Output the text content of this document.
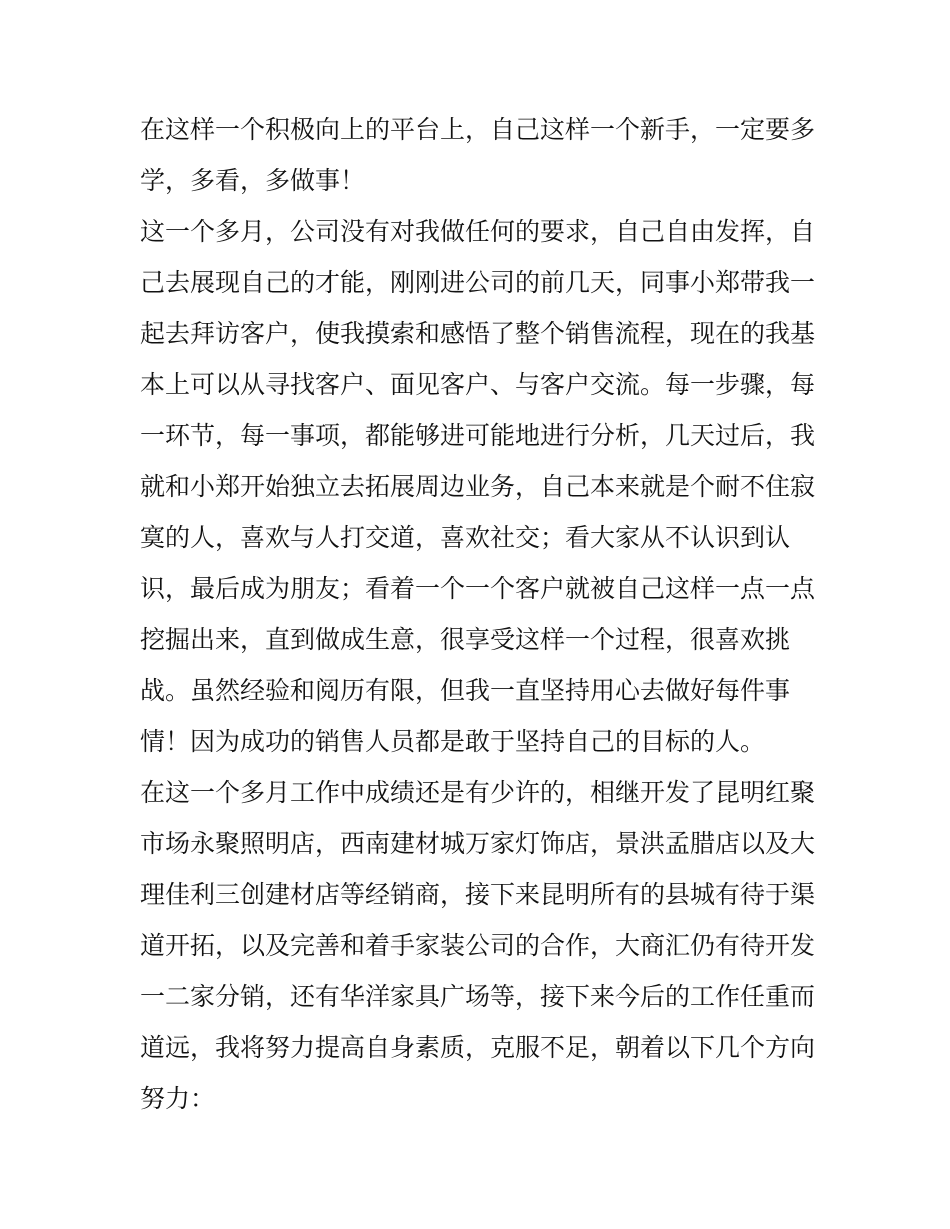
在这样一个积极向上的平台上，自己这样一个新手，一定要多
学，多看，多做事！
这一个多月，公司没有对我做任何的要求，自己自由发挥，自
己去展现自己的才能，刚刚进公司的前几天，同事小郑带我一
起去拜访客户，使我摸索和感悟了整个销售流程，现在的我基
本上可以从寻找客户、面见客户、与客户交流。每一步骤，每
一环节，每一事项，都能够进可能地进行分析，几天过后，我
就和小郑开始独立去拓展周边业务，自己本来就是个耐不住寂
寞的人，喜欢与人打交道，喜欢社交；看大家从不认识到认
识，最后成为朋友；看着一个一个客户就被自己这样一点一点
挖掘出来，直到做成生意，很享受这样一个过程，很喜欢挑
战。虽然经验和阅历有限，但我一直坚持用心去做好每件事
情！因为成功的销售人员都是敢于坚持自己的目标的人。
在这一个多月工作中成绩还是有少许的，相继开发了昆明红聚
市场永聚照明店，西南建材城万家灯饰店，景洪孟腊店以及大
理佳利三创建材店等经销商，接下来昆明所有的县城有待于渠
道开拓，以及完善和着手家装公司的合作，大商汇仍有待开发
一二家分销，还有华洋家具广场等，接下来今后的工作任重而
道远，我将努力提高自身素质，克服不足，朝着以下几个方向
努力：
